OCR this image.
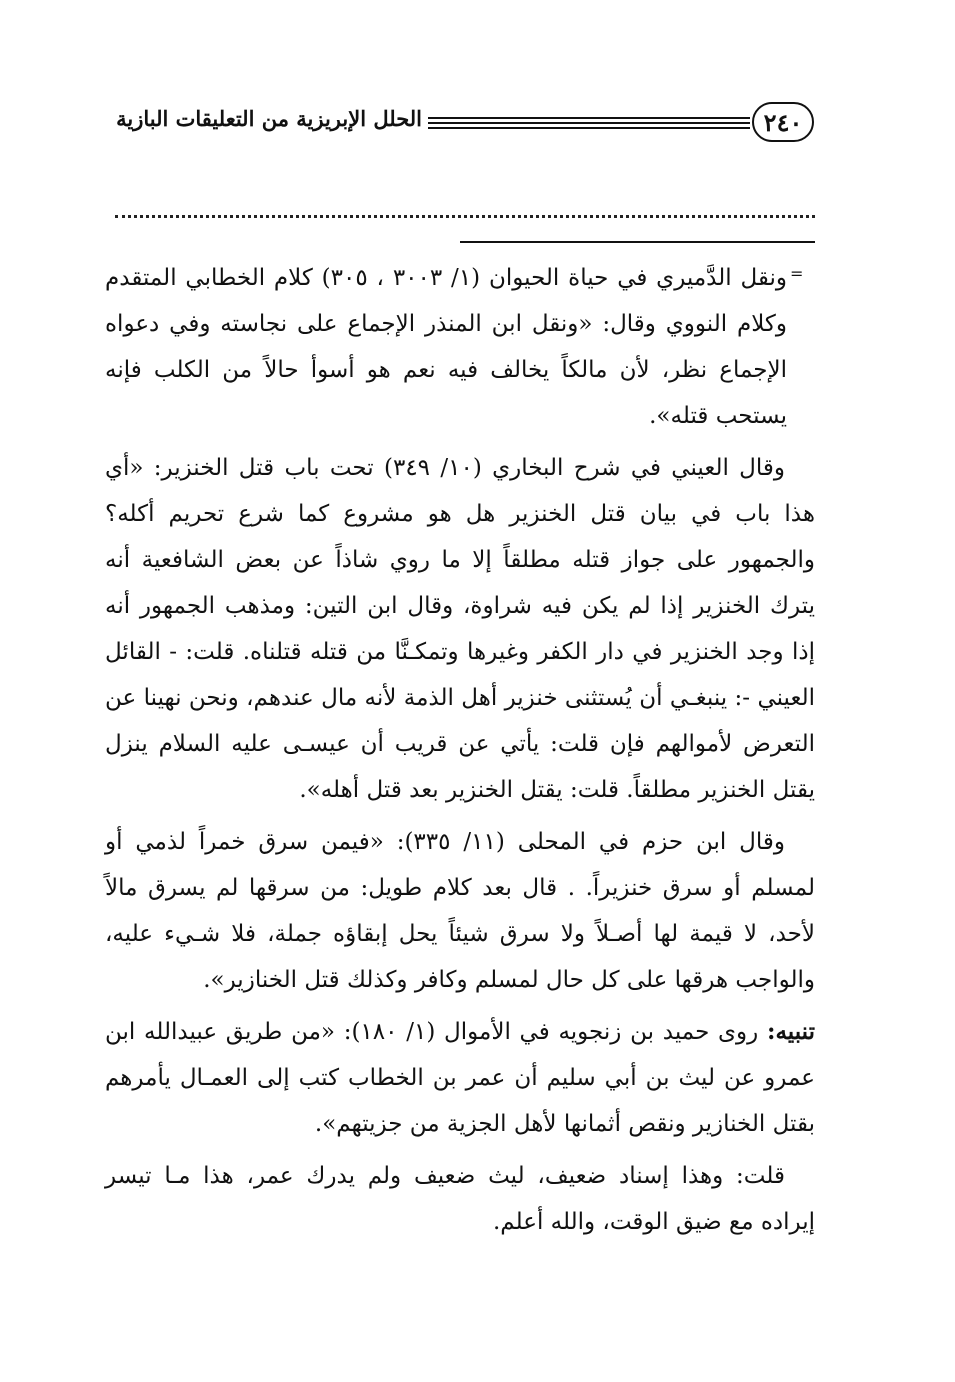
الحلل الإبريزية من التعليقات البازية	٢٤٠
=

ونقل الدَّميري في حياة الحيوان (١/ ٣٠٠٣ ، ٣٠٥) كلام الخطابي المتقدم وكلام النووي وقال: «ونقل ابن المنذر الإجماع على نجاسته وفي دعواه الإجماع نظر، لأن مالكاً يخالف فيه نعم هو أسوأ حالاً من الكلب فإنه يستحب قتله».

وقال العيني في شرح البخاري (١٠/ ٣٤٩) تحت باب قتل الخنزير: «أي هذا باب في بيان قتل الخنزير هل هو مشروع كما شرع تحريم أكله؟ والجمهور على جواز قتله مطلقاً إلا ما روي شاذاً عن بعض الشافعية أنه يترك الخنزير إذا لم يكن فيه شراوة، وقال ابن التين: ومذهب الجمهور أنه إذا وجد الخنزير في دار الكفر وغيرها وتمكـنَّا من قتله قتلناه. قلت: - القائل العيني -: ينبغـي أن يُستثنى خنزير أهل الذمة لأنه مال عندهم، ونحن نهينا عن التعرض لأموالهم فإن قلت: يأتي عن قريب أن عيسـى عليه السلام ينزل يقتل الخنزير مطلقاً. قلت: يقتل الخنزير بعد قتل أهله».

وقال ابن حزم في المحلى (١١/ ٣٣٥): «فيمن سرق خمراً لذمي أو لمسلم أو سرق خنزيراً. . قال بعد كلام طويل: من سرقها لم يسرق مالاً لأحد، لا قيمة لها أصـلاً ولا سرق شيئاً يحل إبقاؤه جملة، فلا شـيء عليه، والواجب هرقها على كل حال لمسلم وكافر وكذلك قتل الخنازير».

تنبيه: روى حميد بن زنجويه في الأموال (١/ ١٨٠): «من طريق عبيدالله ابن عمرو عن ليث بن أبي سليم أن عمر بن الخطاب كتب إلى العمـال يأمرهم بقتل الخنازير ونقص أثمانها لأهل الجزية من جزيتهم».

قلت: وهذا إسناد ضعيف، ليث ضعيف ولم يدرك عمر، هذا مـا تيسر إيراده مع ضيق الوقت، والله أعلم.
